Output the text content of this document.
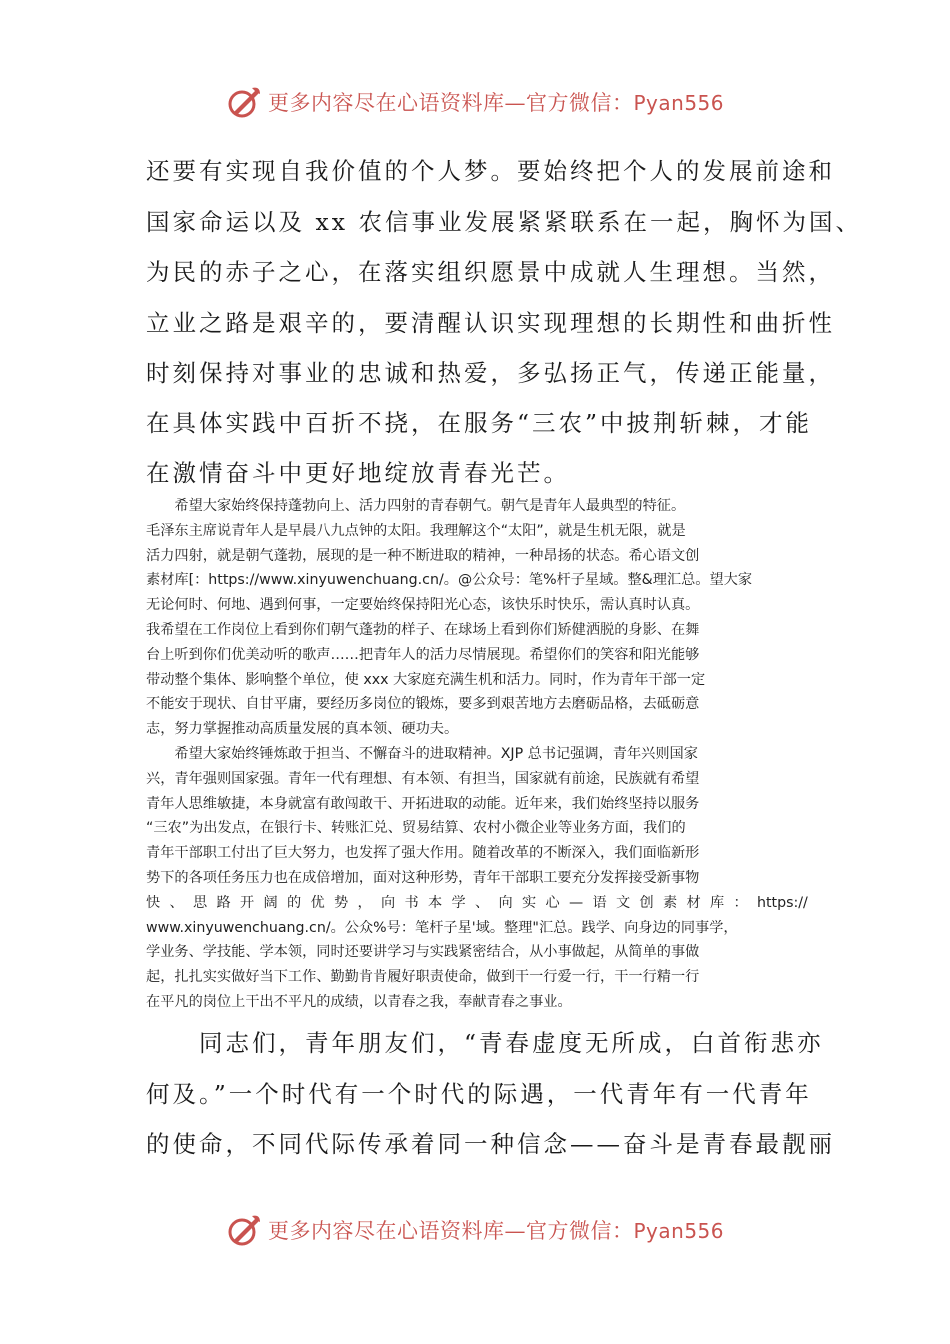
更多内容尽在心语资料库—官方微信：Pyan556
还要有实现自我价值的个人梦。要始终把个人的发展前途和
国家命运以及 xx 农信事业发展紧紧联系在一起，胸怀为国、
为民的赤子之心，在落实组织愿景中成就人生理想。当然，
立业之路是艰辛的，要清醒认识实现理想的长期性和曲折性
时刻保持对事业的忠诚和热爱，多弘扬正气，传递正能量，
在具体实践中百折不挠，在服务“三农”中披荆斩棘，才能
在激情奋斗中更好地绽放青春光芒。
　　希望大家始终保持蓬勃向上、活力四射的青春朝气。朝气是青年人最典型的特征。
毛泽东主席说青年人是早晨八九点钟的太阳。我理解这个“太阳”，就是生机无限，就是
活力四射，就是朝气蓬勃，展现的是一种不断进取的精神，一种昂扬的状态。希心语文创
素材库[：https://www.xinyuwenchuang.cn/。@公众号：笔%杆子星域。整&理汇总。望大家
无论何时、何地、遇到何事，一定要始终保持阳光心态，该快乐时快乐，需认真时认真。
我希望在工作岗位上看到你们朝气蓬勃的样子、在球场上看到你们矫健洒脱的身影、在舞
台上听到你们优美动听的歌声……把青年人的活力尽情展现。希望你们的笑容和阳光能够
带动整个集体、影响整个单位，使 xxx 大家庭充满生机和活力。同时，作为青年干部一定
不能安于现状、自甘平庸，要经历多岗位的锻炼，要多到艰苦地方去磨砺品格，去砥砺意
志，努力掌握推动高质量发展的真本领、硬功夫。
　　希望大家始终锤炼敢于担当、不懈奋斗的进取精神。XJP 总书记强调，青年兴则国家
兴，青年强则国家强。青年一代有理想、有本领、有担当，国家就有前途，民族就有希望
青年人思维敏捷，本身就富有敢闯敢干、开拓进取的动能。近年来，我们始终坚持以服务
“三农”为出发点，在银行卡、转账汇兑、贸易结算、农村小微企业等业务方面，我们的
青年干部职工付出了巨大努力，也发挥了强大作用。随着改革的不断深入，我们面临新形
势下的各项任务压力也在成倍增加，面对这种形势，青年干部职工要充分发挥接受新事物
快 、 思 路 开 阔 的 优 势 ， 向 书 本 学 、 向 实 心 — 语 文 创 素 材 库 ： https://
www.xinyuwenchuang.cn/。公众%号：笔杆子星'域。整理"汇总。践学、向身边的同事学，
学业务、学技能、学本领，同时还要讲学习与实践紧密结合，从小事做起，从简单的事做
起，扎扎实实做好当下工作、勤勤肯肯履好职责使命，做到干一行爱一行，干一行精一行
在平凡的岗位上干出不平凡的成绩，以青春之我，奉献青春之事业。
　　同志们，青年朋友们，“青春虚度无所成，白首衔悲亦
何及。”一个时代有一个时代的际遇，一代青年有一代青年
的使命，不同代际传承着同一种信念——奋斗是青春最靓丽
更多内容尽在心语资料库—官方微信：Pyan556
